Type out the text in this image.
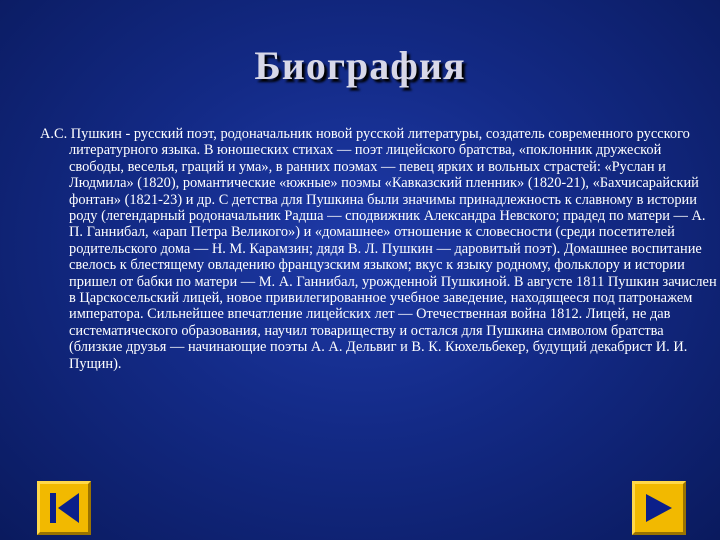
Биография
А.С. Пушкин - русский поэт, родоначальник новой русской литературы, создатель современного русского литературного языка. В юношеских стихах — поэт лицейского братства, «поклонник дружеской свободы, веселья, граций и ума», в ранних поэмах — певец ярких и вольных страстей: «Руслан и Людмила» (1820), романтические «южные» поэмы «Кавказский пленник» (1820-21), «Бахчисарайский фонтан» (1821-23) и др. С детства для Пушкина были значимы принадлежность к славному в истории роду (легендарный родоначальник Радша — сподвижник Александра Невского; прадед по матери — А. П. Ганнибал, «арап Петра Великого») и «домашнее» отношение к словесности (среди посетителей родительского дома — Н. М. Карамзин; дядя В. Л. Пушкин — даровитый поэт). Домашнее воспитание свелось к блестящему овладению французским языком; вкус к языку родному, фольклору и истории пришел от бабки по матери — М. А. Ганнибал, урожденной Пушкиной. В августе 1811 Пушкин зачислен в Царскосельский лицей, новое привилегированное учебное заведение, находящееся под патронажем императора. Сильнейшее впечатление лицейских лет — Отечественная война 1812. Лицей, не дав систематического образования, научил товариществу и остался для Пушкина символом братства (близкие друзья — начинающие поэты А. А. Дельвиг и В. К. Кюхельбекер, будущий декабрист И. И. Пущин).
